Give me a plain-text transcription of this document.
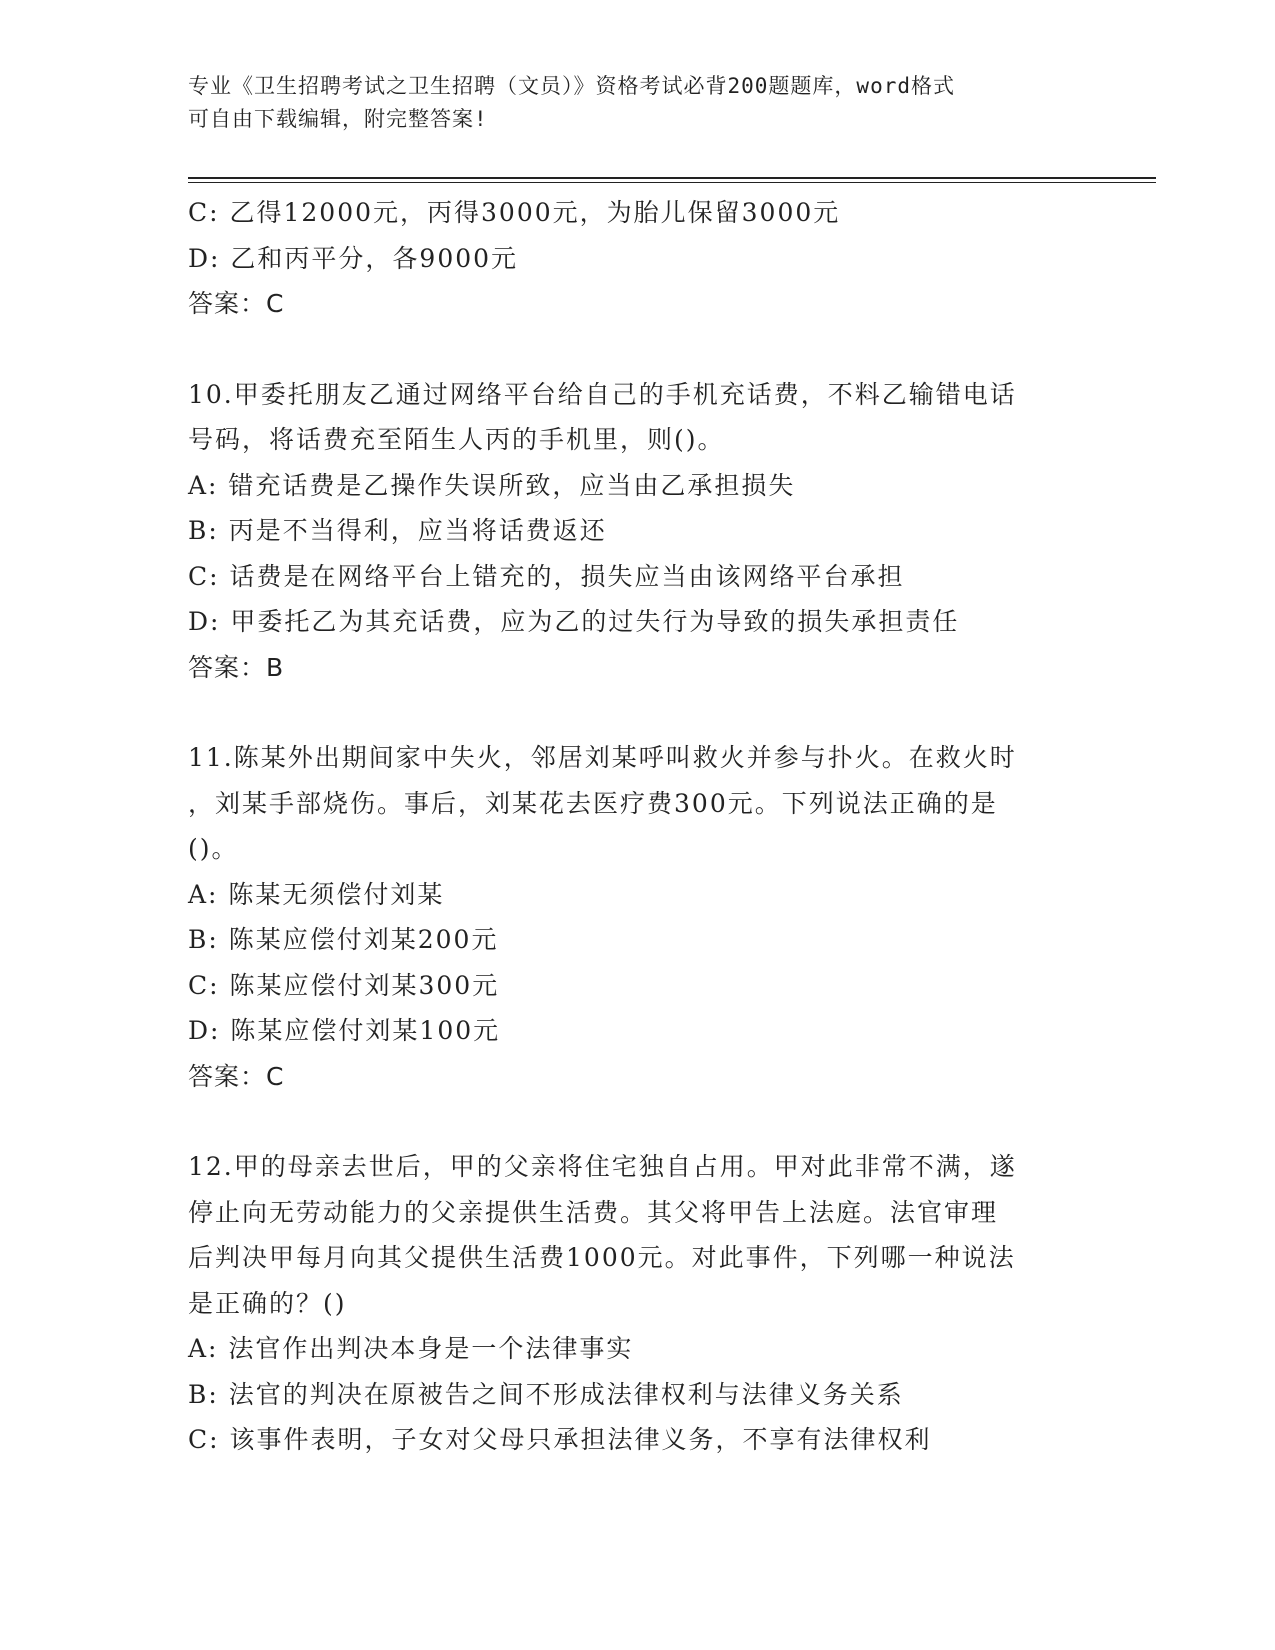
专业《卫生招聘考试之卫生招聘（文员）》资格考试必背200题题库，word格式
可自由下载编辑，附完整答案!
C: 乙得12000元，丙得3000元，为胎儿保留3000元
D: 乙和丙平分，各9000元
答案：C
10.甲委托朋友乙通过网络平台给自己的手机充话费，不料乙输错电话
号码，将话费充至陌生人丙的手机里，则()。
A: 错充话费是乙操作失误所致，应当由乙承担损失
B: 丙是不当得利，应当将话费返还
C: 话费是在网络平台上错充的，损失应当由该网络平台承担
D: 甲委托乙为其充话费，应为乙的过失行为导致的损失承担责任
答案：B
11.陈某外出期间家中失火，邻居刘某呼叫救火并参与扑火。在救火时
，刘某手部烧伤。事后，刘某花去医疗费300元。下列说法正确的是
()。
A: 陈某无须偿付刘某
B: 陈某应偿付刘某200元
C: 陈某应偿付刘某300元
D: 陈某应偿付刘某100元
答案：C
12.甲的母亲去世后，甲的父亲将住宅独自占用。甲对此非常不满，遂
停止向无劳动能力的父亲提供生活费。其父将甲告上法庭。法官审理
后判决甲每月向其父提供生活费1000元。对此事件，下列哪一种说法
是正确的？()
A: 法官作出判决本身是一个法律事实
B: 法官的判决在原被告之间不形成法律权利与法律义务关系
C: 该事件表明，子女对父母只承担法律义务，不享有法律权利
